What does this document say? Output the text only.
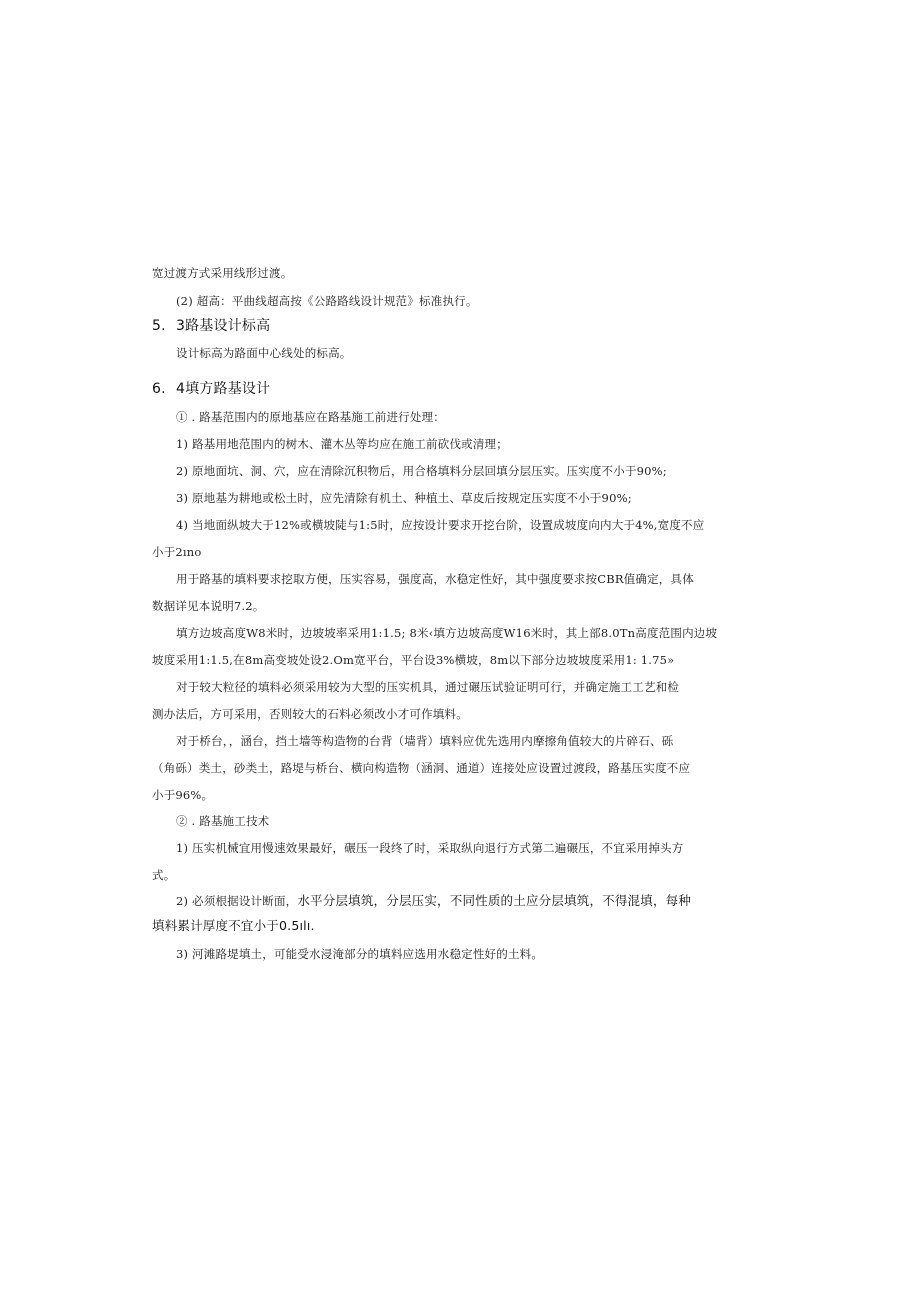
宽过渡方式采用线形过渡。
(2) 超高：平曲线超高按《公路路线设计规范》标准执行。
5. 3路基设计标高
设计标高为路面中心线处的标高。
6. 4填方路基设计
① . 路基范围内的原地基应在路基施工前进行处理：
1) 路基用地范围内的树木、灌木丛等均应在施工前砍伐或清理；
2) 原地面坑、洞、穴，应在清除沉积物后，用合格填料分层回填分层压实。压实度不小于90%;
3) 原地基为耕地或松土时，应先清除有机土、种植土、草皮后按规定压实度不小于90%;
4) 当地面纵坡大于12%或横坡陡与1:5时，应按设计要求开挖台阶，设置成坡度向内大于4%,宽度不应
小于2ıno
用于路基的填料要求挖取方便，压实容易，强度高，水稳定性好，其中强度要求按CBR值确定，具体
数据详见本说明7.2。
填方边坡高度W8米时，边坡坡率采用1:1.5; 8米‹填方边坡高度W16米时，其上部8.0Tn高度范围内边坡
坡度采用1:1.5,在8m高变坡处设2.Om宽平台，平台设3%横坡，8m以下部分边坡坡度采用1: 1.75»
对于较大粒径的填料必须采用较为大型的压实机具，通过碾压试验证明可行，并确定施工工艺和检
测办法后，方可采用，否则较大的石料必须改小才可作填料。
对于桥台，，涵台，挡土墙等构造物的台背（墙背）填料应优先选用内摩擦角值较大的片碎石、砾
（角砾）类土，砂类土，路堤与桥台、横向构造物（涵洞、通道）连接处应设置过渡段，路基压实度不应
小于96%。
② . 路基施工技术
1) 压实机械宜用慢速效果最好，碾压一段终了时，采取纵向退行方式第二遍碾压，不宜采用掉头方
式。
2) 必须根据设计断面，水平分层填筑，分层压实，不同性质的土应分层填筑，不得混填，每种
填料累计厚度不宜小于0.5ılı.
3) 河滩路堤填土，可能受水浸淹部分的填料应选用水稳定性好的土料。
